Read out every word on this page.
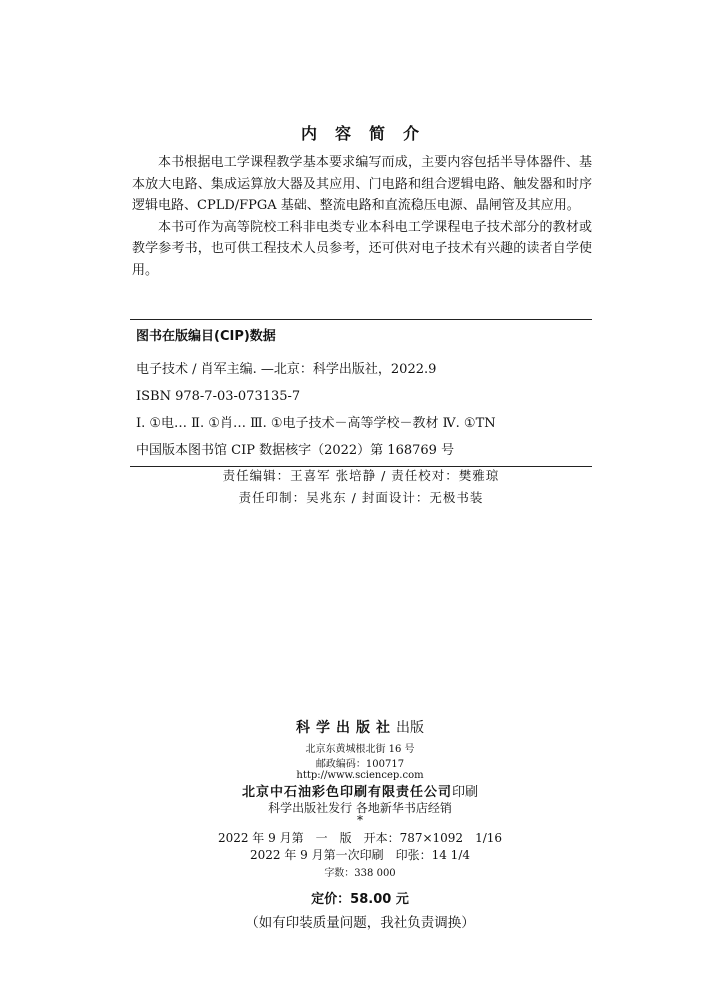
内容简介

本书根据电工学课程教学基本要求编写而成，主要内容包括半导体器件、基本放大电路、集成运算放大器及其应用、门电路和组合逻辑电路、触发器和时序逻辑电路、CPLD/FPGA 基础、整流电路和直流稳压电源、晶闸管及其应用。

本书可作为高等院校工科非电类专业本科电工学课程电子技术部分的教材或教学参考书，也可供工程技术人员参考，还可供对电子技术有兴趣的读者自学使用。

图书在版编目(CIP)数据
电子技术 / 肖军主编. —北京：科学出版社，2022.9
ISBN 978-7-03-073135-7
Ⅰ. ①电… Ⅱ. ①肖… Ⅲ. ①电子技术－高等学校－教材 Ⅳ. ①TN
中国版本图书馆 CIP 数据核字（2022）第 168769 号
责任编辑：王喜军 张培静 / 责任校对：樊雅琼
责任印制：吴兆东 / 封面设计：无极书装
科学出版社出版
北京东黄城根北街 16 号
邮政编码：100717
http://www.sciencep.com
北京中石油彩色印刷有限责任公司印刷
科学出版社发行 各地新华书店经销
*
2022 年 9 月第　一　版　开本：787×1092　1/16
2022 年 9 月第一次印刷　印张：14 1/4
字数：338 000
定价：58.00 元
（如有印装质量问题，我社负责调换）
